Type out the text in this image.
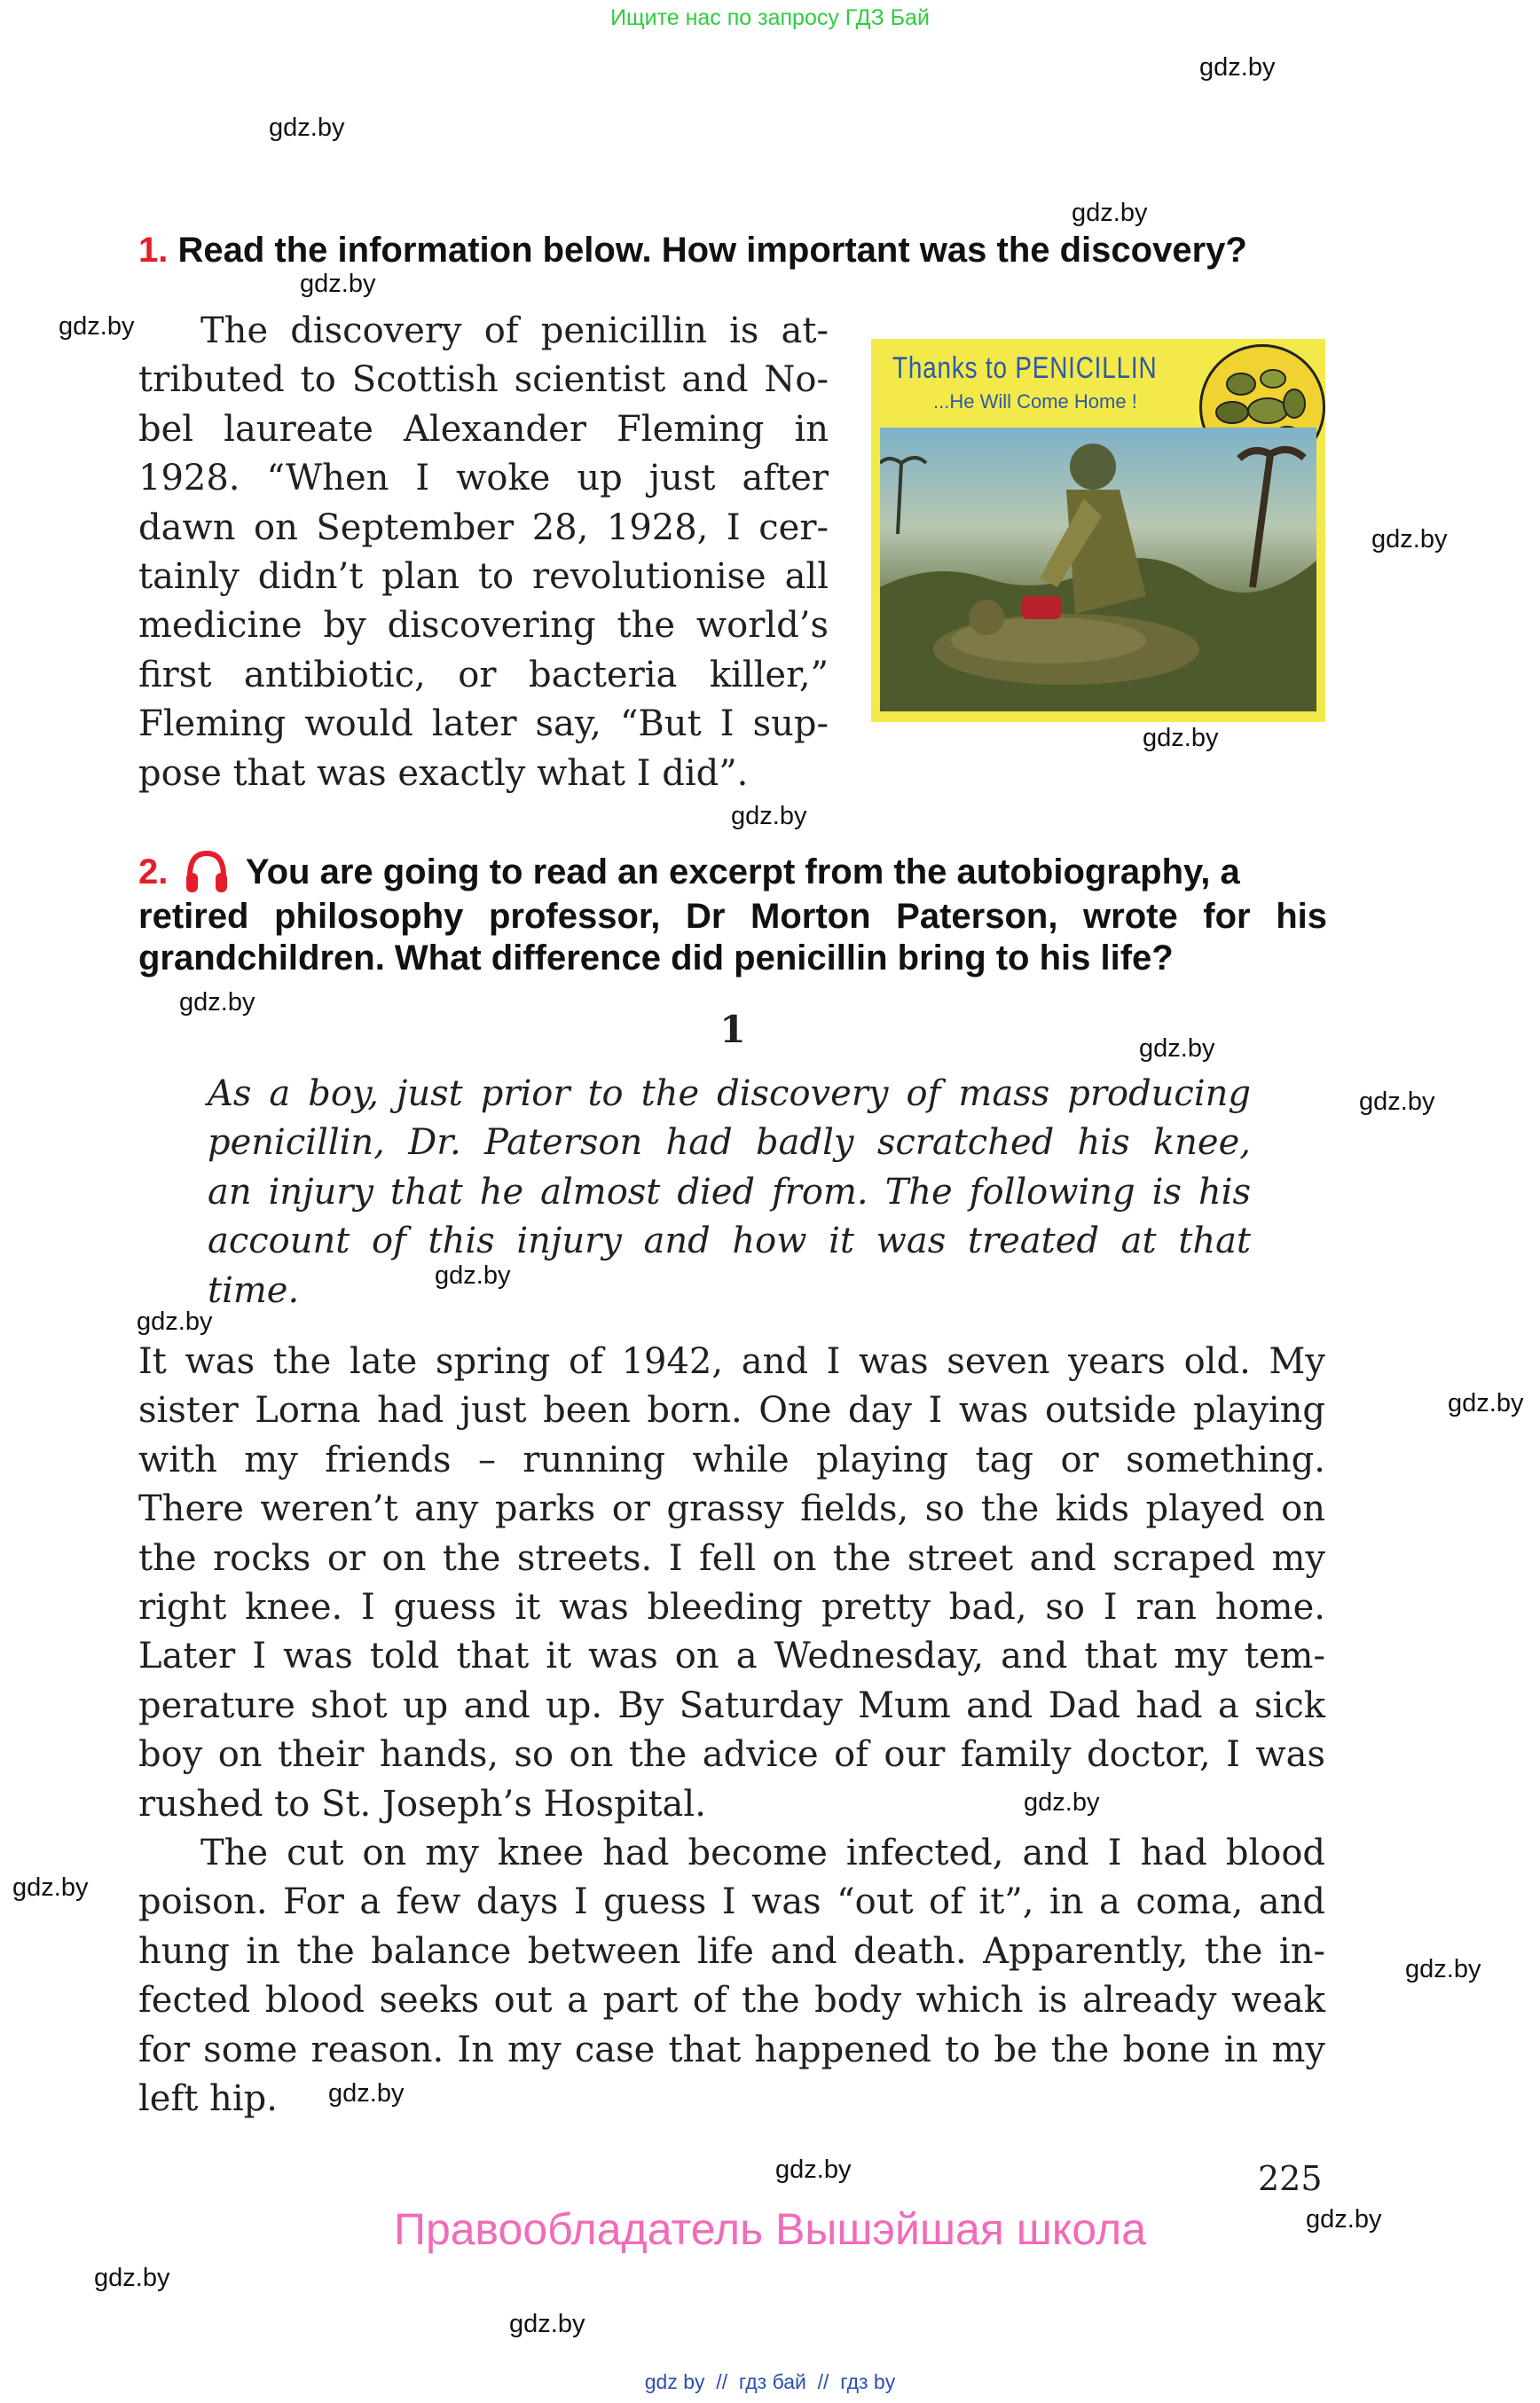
Ищите нас по запросу ГДЗ Бай
gdz.by
gdz.by
gdz.by
gdz.by
gdz.by
gdz.by
gdz.by
gdz.by
gdz.by
gdz.by
gdz.by
gdz.by
gdz.by
gdz.by
gdz.by
gdz.by
gdz.by
gdz.by
gdz.by
gdz.by
gdz.by
gdz.by
1. Read the information below. How important was the discovery?
The discovery of penicillin is at-
tributed to Scottish scientist and No-
bel laureate Alexander Fleming in
1928. “When I woke up just after
dawn on September 28, 1928, I cer-
tainly didn’t plan to revolutionise all
medicine by discovering the world’s
first antibiotic, or bacteria killer,”
Fleming would later say, “But I sup-
pose that was exactly what I did”.
Thanks to PENICILLIN
...He Will Come Home !
2. You are going to read an excerpt from the autobiography, a
retired philosophy professor, Dr Morton Paterson, wrote for his
grandchildren. What difference did penicillin bring to his life?
1
As a boy, just prior to the discovery of mass producing
penicillin, Dr. Paterson had badly scratched his knee,
an injury that he almost died from. The following is his
account of this injury and how it was treated at that
time.
It was the late spring of 1942, and I was seven years old. My
sister Lorna had just been born. One day I was outside playing
with my friends – running while playing tag or something.
There weren’t any parks or grassy fields, so the kids played on
the rocks or on the streets. I fell on the street and scraped my
right knee. I guess it was bleeding pretty bad, so I ran home.
Later I was told that it was on a Wednesday, and that my tem-
perature shot up and up. By Saturday Mum and Dad had a sick
boy on their hands, so on the advice of our family doctor, I was
rushed to St. Joseph’s Hospital.
The cut on my knee had become infected, and I had blood
poison. For a few days I guess I was “out of it”, in a coma, and
hung in the balance between life and death. Apparently, the in-
fected blood seeks out a part of the body which is already weak
for some reason. In my case that happened to be the bone in my
left hip.
225
Правообладатель Вышэйшая школа
gdz by  //  гдз бай  //  гдз by
